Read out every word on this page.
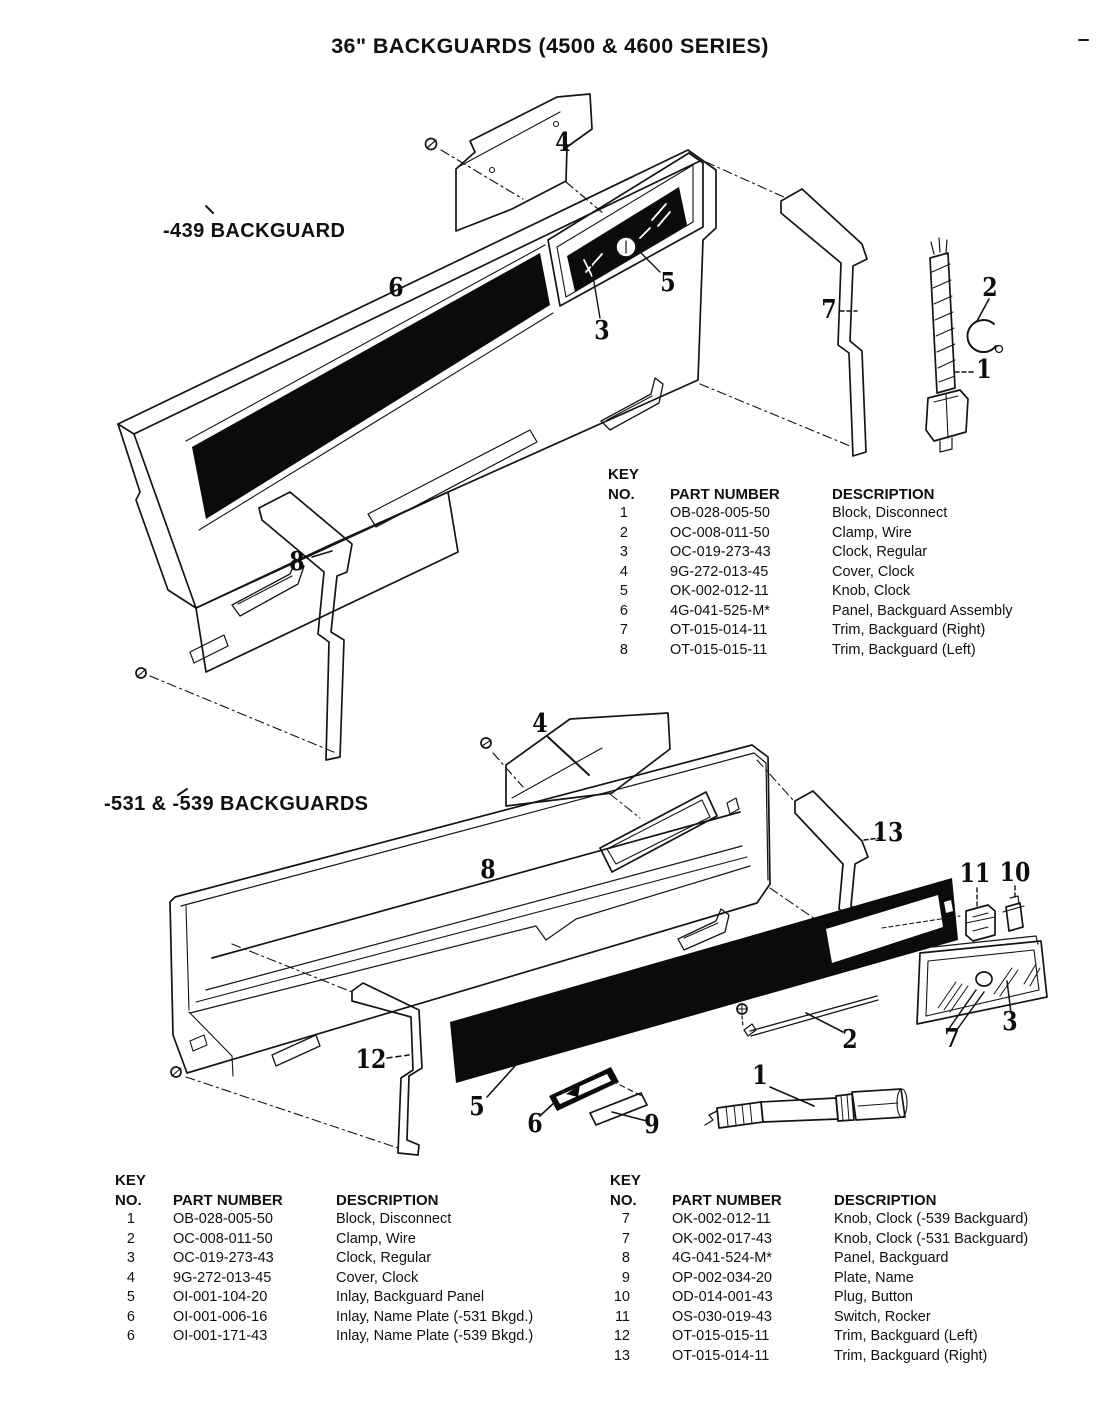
36" BACKGUARDS (4500 & 4600 SERIES)
-439 BACKGUARD
-531 & -539 BACKGUARDS
4
6	5
3
7
2
1
8
4
8
13
11 10
2
3
7
12
5
6	9
1
KEY
NO. PART NUMBER	DESCRIPTION
1	OB-028-005-50	Block, Disconnect
2	OC-008-011-50	Clamp, Wire
3	OC-019-273-43	Clock, Regular
4	9G-272-013-45	Cover, Clock
5	OK-002-012-11	Knob, Clock
6	4G-041-525-M*	Panel, Backguard Assembly
7	OT-015-014-11	Trim, Backguard (Right)
8	OT-015-015-11	Trim, Backguard (Left)
KEY
NO. PART NUMBER	DESCRIPTION
1	OB-028-005-50	Block, Disconnect
2	OC-008-011-50	Clamp, Wire
3	OC-019-273-43	Clock, Regular
4	9G-272-013-45	Cover, Clock
5	OI-001-104-20	Inlay, Backguard Panel
6	OI-001-006-16	Inlay, Name Plate (-531 Bkgd.)
6	OI-001-171-43	Inlay, Name Plate (-539 Bkgd.)
KEY
NO. PART NUMBER	DESCRIPTION
7	OK-002-012-11	Knob, Clock (-539 Backguard)
7	OK-002-017-43	Knob, Clock (-531 Backguard)
8	4G-041-524-M*	Panel, Backguard
9	OP-002-034-20	Plate, Name
10	OD-014-001-43	Plug, Button
11	OS-030-019-43	Switch, Rocker
12	OT-015-015-11	Trim, Backguard (Left)
13	OT-015-014-11	Trim, Backguard (Right)
